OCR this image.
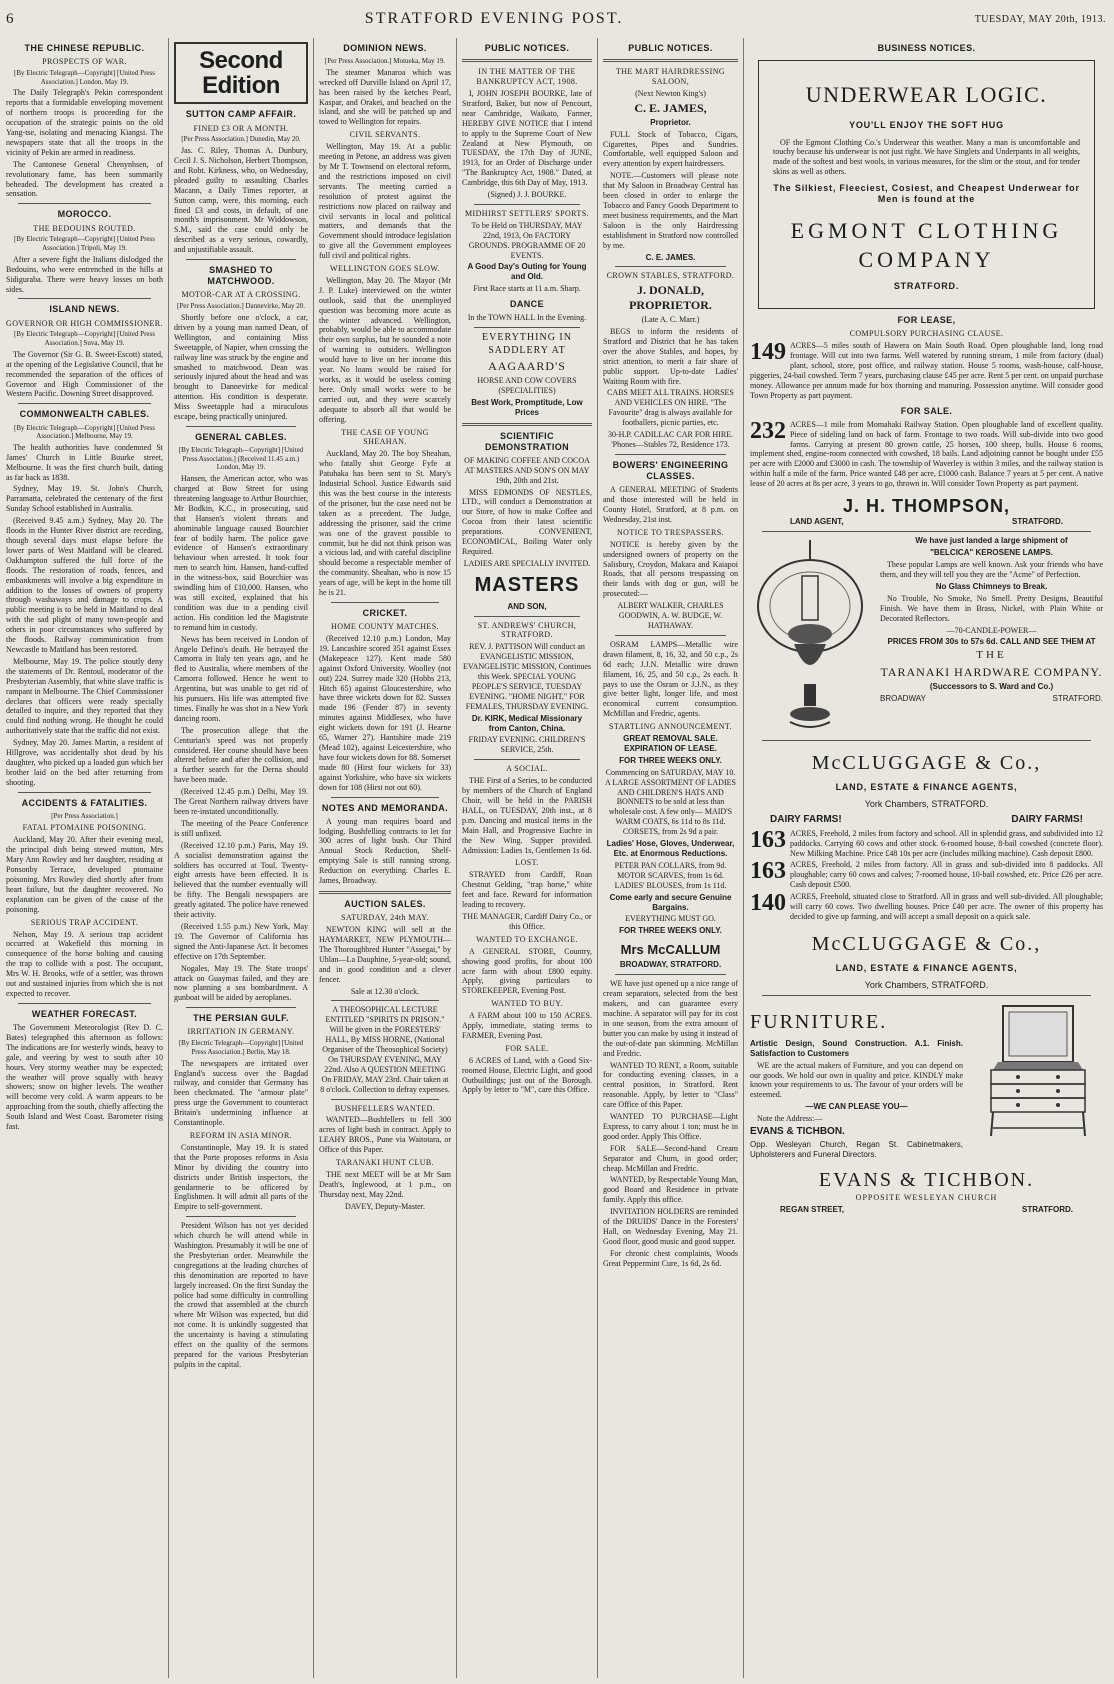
6	STRATFORD EVENING POST.	TUESDAY, MAY 20th, 1913.
THE CHINESE REPUBLIC.
PROSPECTS OF WAR.

[By Electric Telegraph—Copyright] [United Press Association.] London, May 19.

The Daily Telegraph's Pekin correspondent reports that a formidable enveloping movement of northern troops is proceeding for the occupation of the strategic points on the old Yang-tse, isolating and menacing Kiangsi. The newspapers state that all the troops in the vicinity of Pekin are armed in readiness.

The Cantonese General Chenynhsen, of revolutionary fame, has been summarily beheaded. The development has created a sensation.

MOROCCO.
THE BEDOUINS ROUTED.

[By Electric Telegraph—Copyright] [United Press Association.] Tripoli, May 19.

After a severe fight the Italians dislodged the Bedouins, who were entrenched in the hills at Sidiguraba. There were heavy losses on both sides.

ISLAND NEWS.
GOVERNOR OR HIGH COMMISSIONER.

[By Electric Telegraph—Copyright] [United Press Association.] Suva, May 19.

The Governor (Sir G. B. Sweet-Escott) stated, at the opening of the Legislative Council, that he recommended the separation of the offices of Governor and High Commissioner of the Western Pacific. Downing Street disapproved.

COMMONWEALTH CABLES.

[By Electric Telegraph—Copyright] [United Press Association.] Melbourne, May 19.

The health authorities have condemned St James' Church in Little Bourke street, Melbourne. It was the first church built, dating as far back as 1838.

Sydney, May 19. St. John's Church, Parramatta, celebrated the centenary of the first Sunday School established in Australia.

(Received 9.45 a.m.) Sydney, May 20. The floods in the Hunter River district are receding, though several days must elapse before the lower parts of West Maitland will be cleared. Oakhampton suffered the full force of the floods. The restoration of roads, fences, and embankments will involve a big expenditure in addition to the losses of owners of property through washaways and damage to crops. A public meeting is to be held in Maitland to deal with the sad plight of many town-people and others in poor circumstances who suffered by the floods. Railway communication from Newcastle to Maitland has been restored.

Melbourne, May 19. The police stoutly deny the statements of Dr. Rentoul, moderator of the Presbyterian Assembly, that white slave traffic is rampant in Melbourne. The Chief Commissioner declares that officers were ready specially detailed to inquire, and they reported that they could find nothing wrong. He thought he could authoritatively state that the traffic did not exist.

Sydney, May 20. James Martin, a resident of Hillgrove, was accidentally shot dead by his daughter, who picked up a loaded gun which her brother laid on the bed after returning from shooting.

ACCIDENTS & FATALITIES.

[Per Press Association.]

FATAL PTOMAINE POISONING.

Auckland, May 20. After their evening meal, the principal dish being stewed mutton, Mrs Mary Ann Rowley and her daughter, residing at Ponsonby Terrace, developed ptomaine poisoning. Mrs Rowley died shortly after from heart failure, but the daughter recovered. No explanation can be given of the cause of the poisoning.

SERIOUS TRAP ACCIDENT.

Nelson, May 19. A serious trap accident occurred at Wakefield this morning in consequence of the horse bolting and causing the trap to collide with a post. The occupant, Mrs W. H. Brooks, wife of a settler, was thrown out and sustained injuries from which she is not expected to recover.

WEATHER FORECAST.

The Government Meteorologist (Rev D. C. Bates) telegraphed this afternoon as follows: The indications are for westerly winds, heavy to gale, and veering by west to south after 10 hours. Very stormy weather may be expected; the weather will prove squally with heavy showers; snow on higher levels. The weather will become very cold. A warm appears to be approaching from the south, chiefly affecting the South Island and West Coast. Barometer rising fast.

Second Edition
SUTTON CAMP AFFAIR.
FINED £3 OR A MONTH.

[Per Press Association.] Dunedin, May 20.

Jas. C. Riley, Thomas A. Dunbury, Cecil J. S. Nicholson, Herbert Thompson, and Robt. Kirkness, who, on Wednesday, pleaded guilty to assaulting Charles Macann, a Daily Times reporter, at Sutton camp, were, this morning, each fined £3 and costs, in default, of one month's imprisonment. Mr Widdowson, S.M., said the case could only be described as a very serious, cowardly, and unjustifiable assault.

SMASHED TO MATCHWOOD.
MOTOR-CAR AT A CROSSING.

[Per Press Association.] Dannevirke, May 20.

Shortly before one o'clock, a car, driven by a young man named Dean, of Wellington, and containing Miss Sweetapple, of Napier, when crossing the railway line was struck by the engine and smashed to matchwood. Dean was seriously injured about the head and was brought to Dannevirke for medical attention. His condition is desperate. Miss Sweetapple had a miraculous escape, being practically uninjured.

GENERAL CABLES.

[By Electric Telegraph—Copyright] [United Press Association.] (Received 11.45 a.m.) London, May 19.

Hansen, the American actor, who was charged at Bow Street for using threatening language to Arthur Bourchier, Mr Bodkin, K.C., in prosecuting, said that Hansen's violent threats and abominable language caused Bourchier fear of bodily harm. The police gave evidence of Hansen's extraordinary behaviour when arrested. It took four men to search him. Hansen, hand-cuffed in the witness-box, said Bourchier was swindling him of £10,000. Hansen, who was still excited, explained that his condition was due to a pending civil action. His condition led the Magistrate to remand him in custody.

News has been received in London of Angelo Defino's death. He betrayed the Camorra in Italy ten years ago, and he fled to Australia, where members of the Camorra followed. Hence he went to Argentina, but was unable to get rid of his pursuers. His life was attempted five times. Finally he was shot in a New York dancing room.

The prosecution allege that the Centurian's speed was not properly considered. Her course should have been altered before and after the collision, and a further search for the Derna should have been made.

(Received 12.45 p.m.) Delhi, May 19. The Great Northern railway drivers have been re-instated unconditionally.

The meeting of the Peace Conference is still unfixed.

(Received 12.10 p.m.) Paris, May 19. A socialist demonstration against the soldiers has occurred at Toul. Twenty-eight arrests have been effected. It is believed that the number eventually will be fifty. The Bengali newspapers are greatly agitated. The police have renewed their activity.

(Received 1.55 p.m.) New York, May 19. The Governor of California has signed the Anti-Japanese Act. It becomes effective on 17th September.

Nogales, May 19. The State troops' attack on Guaymas failed, and they are now planning a sea bombardment. A gunboat will be aided by aeroplanes.

THE PERSIAN GULF.
IRRITATION IN GERMANY.

[By Electric Telegraph—Copyright] [United Press Association.] Berlin, May 18.

The newspapers are irritated over England's success over the Bagdad railway, and consider that Germany has been checkmated. The "armour plate" press urge the Government to counteract Britain's undermining influence at Constantinople.

REFORM IN ASIA MINOR.

Constantinople, May 19. It is stated that the Porte proposes reforms in Asia Minor by dividing the country into districts under British inspectors, the gendarmerie to be officered by Englishmen. It will admit all parts of the Empire to self-government.

President Wilson has not yet decided which church he will attend while in Washington. Presumably it will be one of the Presbyterian order. Meanwhile the congregations at the leading churches of this denomination are reported to have largely increased. On the first Sunday the police had some difficulty in controlling the crowd that assembled at the church where Mr Wilson was expected, but did not come. It is unkindly suggested that the uncertainty is having a stimulating effect on the quality of the sermons prepared for the various Presbyterian pulpits in the capital.

DOMINION NEWS.

[Per Press Association.] Motueka, May 19.

The steamer Manaroa which was wrecked off Durville Island on April 17, has been raised by the ketches Pearl, Kaspar, and Orakei, and beached on the island, and she will be patched up and towed to Wellington for repairs.

CIVIL SERVANTS.

Wellington, May 19. At a public meeting in Petone, an address was given by Mr T. Townsend on electoral reform, and the restrictions imposed on civil servants. The meeting carried a resolution of protest against the restrictions now placed on railway and civil servants in local and political matters, and demands that the Government should introduce legislation to give all the Government employees full civil and political rights.

WELLINGTON GOES SLOW.

Wellington, May 20. The Mayor (Mr J. P. Luke) interviewed on the winter outlook, said that the unemployed question was becoming more acute as the winter advanced. Wellington, probably, would be able to accommodate their own surplus, but he sounded a note of warning to outsiders. Wellington would have to live on her income this year. No loans would be raised for works, as it would be useless coming here. Only small works were to be carried out, and they were scarcely adequate to absorb all that would be offering.

THE CASE OF YOUNG SHEAHAN.

Auckland, May 20. The boy Sheahan, who fatally shot George Fyfe at Patuhaka has been sent to St. Mary's Industrial School. Justice Edwards said this was the best course in the interests of the prisoner, but the case need not be taken as a precedent. The Judge, addressing the prisoner, said the crime was one of the gravest possible to commit, but he did not think prison was a vicious lad, and with careful discipline should become a respectable member of the community. Sheahan, who is now 15 years of age, will be kept in the home till he is 21.

CRICKET.
HOME COUNTY MATCHES.

(Received 12.10 p.m.) London, May 19. Lancashire scored 351 against Essex (Makepeace 127). Kent made 580 against Oxford University. Woolley (not out) 224. Surrey made 320 (Hobbs 213, Hitch 65) against Gloucestershire, who have three wickets down for 82. Sussex made 196 (Fender 87) in seventy minutes against Middlesex, who have eight wickets down for 191 (J. Hearne 65, Warner 27). Hantshire made 219 (Mead 102), against Leicestershire, who have four wickets down for 88. Somerset made 80 (Hirst four wickets for 33) against Yorkshire, who have six wickets down for 108 (Hirst not out 60).

NOTES AND MEMORANDA.

A young man requires board and lodging. Bushfelling contracts to let for 300 acres of light bush. Our Third Annual Stock Reduction, Shelf-emptying Sale is still running strong. Reduction on everything. Charles E. James, Broadway.

AUCTION SALES.
SATURDAY, 24th MAY.

NEWTON KING will sell at the HAYMARKET, NEW PLYMOUTH— The Thoroughbred Hunter "Assegai," by Uhlan—La Dauphine, 5-year-old; sound, and in good condition and a clever fencer.

Sale at 12.30 o'clock.

A THEOSOPHICAL LECTURE ENTITLED "SPIRITS IN PRISON." Will be given in the FORESTERS' HALL, By MISS HORNE, (National Organiser of the Theosophical Society) On THURSDAY EVENING, MAY 22nd. Also A QUESTION MEETING On FRIDAY, MAY 23rd. Chair taken at 8 o'clock. Collection to defray expenses.

BUSHFELLERS WANTED.

WANTED—Bushfellers to fell 300 acres of light bush in contract. Apply to LEAHY BROS., Pune via Waitotara, or Office of this Paper.

TARANAKI HUNT CLUB.

THE next MEET will be at Mr Sam Death's, Inglewood, at 1 p.m., on Thursday next, May 22nd.

DAVEY, Deputy-Master.

PUBLIC NOTICES.
IN THE MATTER OF THE BANKRUPTCY ACT, 1908.

I, JOHN JOSEPH BOURKE, late of Stratford, Baker, but now of Pencourt, near Cambridge, Waikato, Farmer, HEREBY GIVE NOTICE that I intend to apply to the Supreme Court of New Zealand at New Plymouth, on TUESDAY, the 17th Day of JUNE, 1913, for an Order of Discharge under "The Bankruptcy Act, 1908." Dated, at Cambridge, this 6th Day of May, 1913.

(Signed) J. J. BOURKE.

MIDHIRST SETTLERS' SPORTS.

To be Held on THURSDAY, MAY 22nd, 1913, On FACTORY GROUNDS. PROGRAMME OF 20 EVENTS.

A Good Day's Outing for Young and Old.

First Race starts at 11 a.m. Sharp.

DANCE

In the TOWN HALL In the Evening.

EVERYTHING IN SADDLERY AT

AAGAARD'S

HORSE AND COW COVERS (SPECIALITIES)

Best Work, Promptitude, Low Prices

SCIENTIFIC DEMONSTRATION

OF MAKING COFFEE AND COCOA AT MASTERS AND SON'S ON MAY 19th, 20th and 21st.

MISS EDMONDS OF NESTLES, LTD., will conduct a Demonstration at our Store, of how to make Coffee and Cocoa from their latest scientific preparations. CONVENIENT, ECONOMICAL, Boiling Water only Required.

LADIES ARE SPECIALLY INVITED.

MASTERS

AND SON,

ST. ANDREWS' CHURCH, STRATFORD.

REV. J. PATTISON Will conduct an EVANGELISTIC MISSION, EVANGELISTIC MISSION, Continues this Week. SPECIAL YOUNG PEOPLE'S SERVICE, TUESDAY EVENING. "HOME NIGHT," FOR FEMALES, THURSDAY EVENING.

Dr. KIRK, Medical Missionary from Canton, China.

FRIDAY EVENING. CHILDREN'S SERVICE, 25th.

A SOCIAL.

THE First of a Series, to be conducted by members of the Church of England Choir, will be held in the PARISH HALL, on TUESDAY, 20th inst., at 8 p.m. Dancing and musical items in the Main Hall, and Progressive Euchre in the New Wing. Supper provided. Admission: Ladies 1s, Gentlemen 1s 6d.

LOST.

STRAYED from Cardiff, Roan Chestnut Gelding, "trap horse," white feet and face. Reward for information leading to recovery.

THE MANAGER, Cardiff Dairy Co., or this Office.

WANTED TO EXCHANGE.

A GENERAL STORE, Country, showing good profits, for about 100 acre farm with about £800 equity. Apply, giving particulars to STOREKEEPER, Evening Post.

WANTED TO BUY.

A FARM about 100 to 150 ACRES. Apply, immediate, stating terms to FARMER, Evening Post.

FOR SALE.

6 ACRES of Land, with a Good Six-roomed House, Electric Light, and good Outbuildings; just out of the Borough. Apply by letter to "M", care this Office.

PUBLIC NOTICES.
THE MART HAIRDRESSING SALOON,

(Next Newton King's)

C. E. JAMES,

Proprietor.

FULL Stock of Tobacco, Cigars, Cigarettes, Pipes and Sundries. Comfortable, well equipped Saloon and every attention by expert hairdressers.

NOTE.—Customers will please note that My Saloon in Broadway Central has been closed in order to enlarge the Tobacco and Fancy Goods Department to meet business requirements, and the Mart Saloon is the only Hairdressing establishment in Stratford now controlled by me.

C. E. JAMES.

CROWN STABLES, STRATFORD.

J. DONALD, PROPRIETOR.

(Late A. C. Marr.)

BEGS to inform the residents of Stratford and District that he has taken over the above Stables, and hopes, by strict attention, to merit a fair share of public support. Up-to-date Ladies' Waiting Room with fire.

CABS MEET ALL TRAINS. HORSES AND VEHICLES ON HIRE. "The Favourite" drag is always available for footballers, picnic parties, etc.

30-H.P. CADILLAC CAR FOR HIRE. 'Phones—Stables 72, Residence 173.

BOWERS' ENGINEERING CLASSES.

A GENERAL MEETING of Students and those interested will be held in County Hotel, Stratford, at 8 p.m. on Wednesday, 21st inst.

NOTICE TO TRESPASSERS.

NOTICE is hereby given by the undersigned owners of property on the Salisbury, Croydon, Makara and Kaiapoi Roads, that all persons trespassing on their lands with dog or gun, will be prosecuted:—

ALBERT WALKER, CHARLES GOODWIN, A. W. BUDGE, W. HATHAWAY.

OSRAM LAMPS—Metallic wire drawn filament, 8, 16, 32, and 50 c.p., 2s 6d each; J.J.N. Metallic wire drawn filament, 16, 25, and 50 c.p., 2s each. It pays to use the Osram or J.J.N., as they give better light, longer life, and most economical current consumption. McMillan and Fredric, agents.

STARTLING ANNOUNCEMENT.

GREAT REMOVAL SALE. EXPIRATION OF LEASE.

FOR THREE WEEKS ONLY.

Commencing on SATURDAY, MAY 10. A LARGE ASSORTMENT OF LADIES AND CHILDREN'S HATS AND BONNETS to be sold at less than wholesale cost. A few only— MAID'S WARM COATS, 6s 11d to 8s 11d. CORSETS, from 2s 9d a pair.

Ladies' Hose, Gloves, Underwear, Etc. at Enormous Reductions.

PETER PAN COLLARS, from 9d. MOTOR SCARVES, from 1s 6d. LADIES' BLOUSES, from 1s 11d.

Come early and secure Genuine Bargains.

EVERYTHING MUST GO.

FOR THREE WEEKS ONLY.

Mrs McCALLUM

BROADWAY, STRATFORD.

WE have just opened up a nice range of cream separators, selected from the best makers, and can guarantee every machine. A separator will pay for its cost in one season, from the extra amount of butter you can make by using it instead of the out-of-date pan skimming. McMillan and Fredric.

WANTED TO RENT, a Room, suitable for conducting evening classes, in a central position, in Stratford. Rent reasonable. Apply, by letter to "Class" care Office of this Paper.

WANTED TO PURCHASE—Light Express, to carry about 1 ton; must be in good order. Apply This Office.

FOR SALE—Second-hand Cream Separator and Churn, in good order; cheap. McMillan and Fredric.

WANTED, by Respectable Young Man, good Board and Residence in private family. Apply this office.

INVITATION HOLDERS are reminded of the DRUIDS' Dance in the Foresters' Hall, on Wednesday Evening, May 21. Good floor, good music and good supper.

For chronic chest complaints, Woods Great Peppermint Cure, 1s 6d, 2s 6d.

BUSINESS NOTICES.
UNDERWEAR LOGIC.
YOU'LL ENJOY THE SOFT HUG

OF the Egmont Clothing Co.'s Underwear this weather. Many a man is uncomfortable and touchy because his underwear is not just right. We have Singlets and Underpants in all weights, made of the softest and best wools, in various measures, for the slim or the stout, and for tender skins as well as others.

The Silkiest, Fleeciest, Cosiest, and Cheapest Underwear for Men is found at the
EGMONT CLOTHING COMPANY
STRATFORD.
FOR LEASE,
COMPULSORY PURCHASING CLAUSE.

149 ACRES—5 miles south of Hawera on Main South Road. Open ploughable land, long road frontage. Will cut into two farms. Well watered by running stream, 1 mile from factory (dual) plant, school, store, post office, and railway station. House 5 rooms, wash-house, calf-house, piggeries, 24-bail cowshed. Term 7 years, purchasing clause £45 per acre. Rent 5 per cent. on unpaid purchase money. Allowance per annum made for box thorning and manuring. Possession anytime. Will consider good Town Property as part payment.

FOR SALE.

232 ACRES—1 mile from Momahaki Railway Station. Open ploughable land of excellent quality. Piece of sideling land on back of farm. Frontage to two roads. Will sub-divide into two good farms. Carrying at present 80 grown cattle, 25 horses, 100 sheep, bulls. House 6 rooms, implement shed, engine-room connected with cowshed, 18 bails. Land adjoining cannot be bought under £55 per acre with £2000 and £3000 in cash. The township of Waverley is within 3 miles, and the railway station is within half a mile of the farm. Price wanted £48 per acre, £1000 cash. Balance 7 years at 5 per cent. A native lease of 20 acres at 8s per acre, 3 years to go, thrown in. Will consider Town Property as part payment.

J. H. THOMPSON,
LAND AGENT,	STRATFORD.

We have just landed a large shipment of

"BELCICA" KEROSENE LAMPS.

These popular Lamps are well known. Ask your friends who have them, and they will tell you they are the "Acme" of Perfection.

No Glass Chimneys to Break.

No Trouble, No Smoke, No Smell. Pretty Designs, Beautiful Finish. We have them in Brass, Nickel, with Plain White or Decorated Reflectors.

—70-CANDLE-POWER—

PRICES FROM 30s to 57s 6d. CALL AND SEE THEM AT

THE

TARANAKI HARDWARE COMPANY.

(Successors to S. Ward and Co.)

BROADWAY	STRATFORD.
McCLUGGAGE & Co.,
LAND, ESTATE & FINANCE AGENTS,

York Chambers, STRATFORD.

DAIRY FARMS!	DAIRY FARMS!

163 ACRES, Freehold, 2 miles from factory and school. All in splendid grass, and subdivided into 12 paddocks. Carrying 60 cows and other stock. 6-roomed house, 8-bail cowshed (concrete floor). New Milking Machine. Price £48 10s per acre (includes milking machine). Cash deposit £800.

163 ACRES, Freehold, 2 miles from factory. All in grass and sub-divided into 8 paddocks. All ploughable; carry 60 cows and calves; 7-roomed house, 10-bail cowshed, etc. Price £26 per acre. Cash deposit £500.

140 ACRES, Freehold, situated close to Stratford. All in grass and well sub-divided. All ploughable; will carry 60 cows. Two dwelling houses. Price £40 per acre. The owner of this property has decided to give up farming, and will accept a small deposit on a quick sale.

McCLUGGAGE & Co.,
LAND, ESTATE & FINANCE AGENTS,

York Chambers, STRATFORD.

FURNITURE.

Artistic Design, Sound Construction. A.1. Finish. Satisfaction to Customers

WE are the actual makers of Furniture, and you can depend on our goods. We hold our own in quality and price. KINDLY make known your requirements to us. The favour of your orders will be esteemed.

—WE CAN PLEASE YOU—

Note the Address:—

EVANS & TICHBON.

Opp. Wesleyan Church, Regan St. Cabinetmakers, Upholsterers and Funeral Directors.

EVANS & TICHBON.

OPPOSITE WESLEYAN CHURCH

REGAN STREET,	STRATFORD.
